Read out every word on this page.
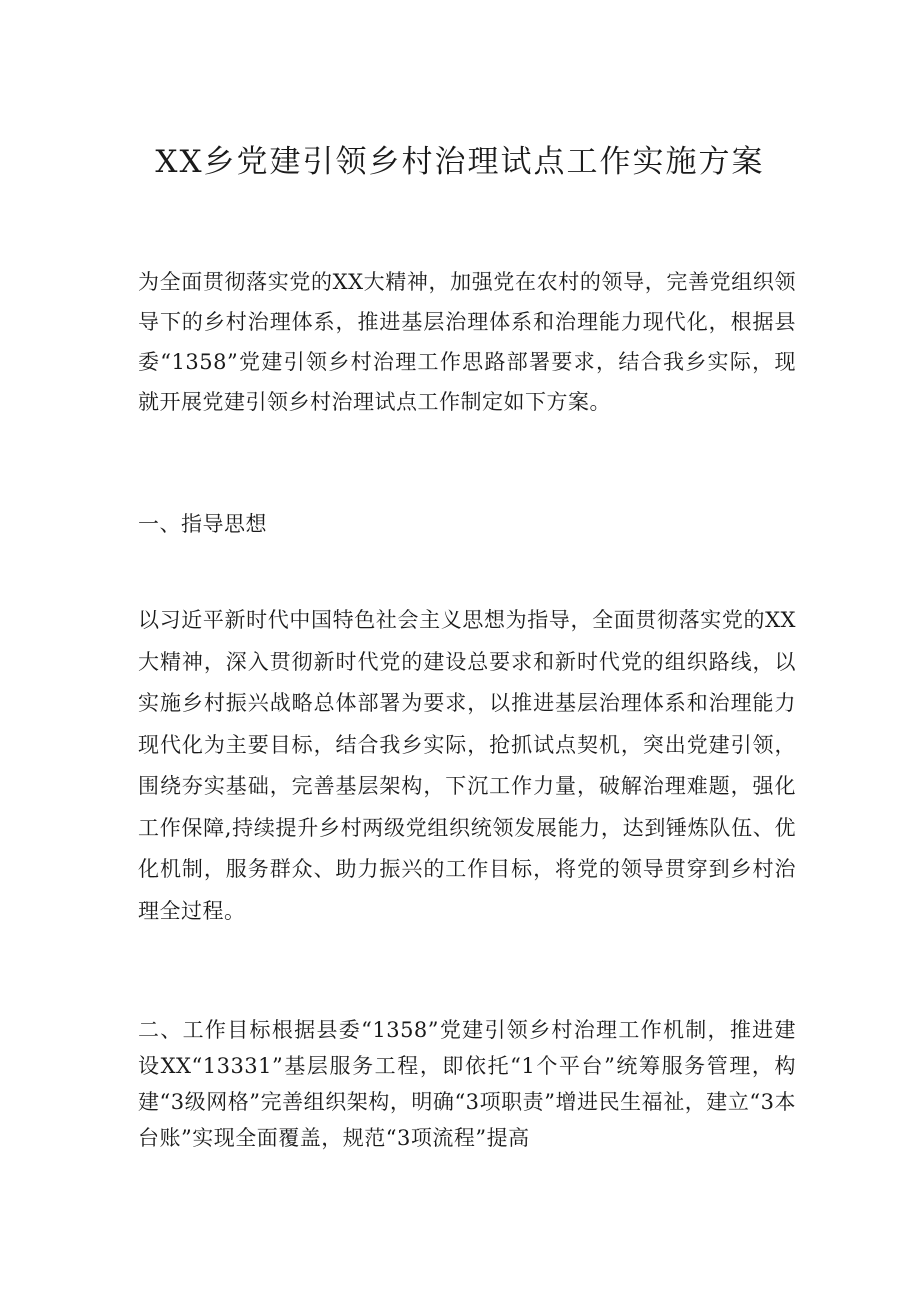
XX乡党建引领乡村治理试点工作实施方案

为全面贯彻落实党的XX大精神，加强党在农村的领导，完善党组织领导下的乡村治理体系，推进基层治理体系和治理能力现代化，根据县委“1358”党建引领乡村治理工作思路部署要求，结合我乡实际，现就开展党建引领乡村治理试点工作制定如下方案。

一、指导思想

以习近平新时代中国特色社会主义思想为指导，全面贯彻落实党的XX大精神，深入贯彻新时代党的建设总要求和新时代党的组织路线，以实施乡村振兴战略总体部署为要求，以推进基层治理体系和治理能力现代化为主要目标，结合我乡实际，抢抓试点契机，突出党建引领，围绕夯实基础，完善基层架构，下沉工作力量，破解治理难题，强化工作保障,持续提升乡村两级党组织统领发展能力，达到锤炼队伍、优化机制，服务群众、助力振兴的工作目标，将党的领导贯穿到乡村治理全过程。

二、工作目标根据县委“1358”党建引领乡村治理工作机制，推进建设XX“13331”基层服务工程，即依托“1个平台”统筹服务管理，构建“3级网格”完善组织架构，明确“3项职责”增进民生福祉，建立“3本台账”实现全面覆盖，规范“3项流程”提高
